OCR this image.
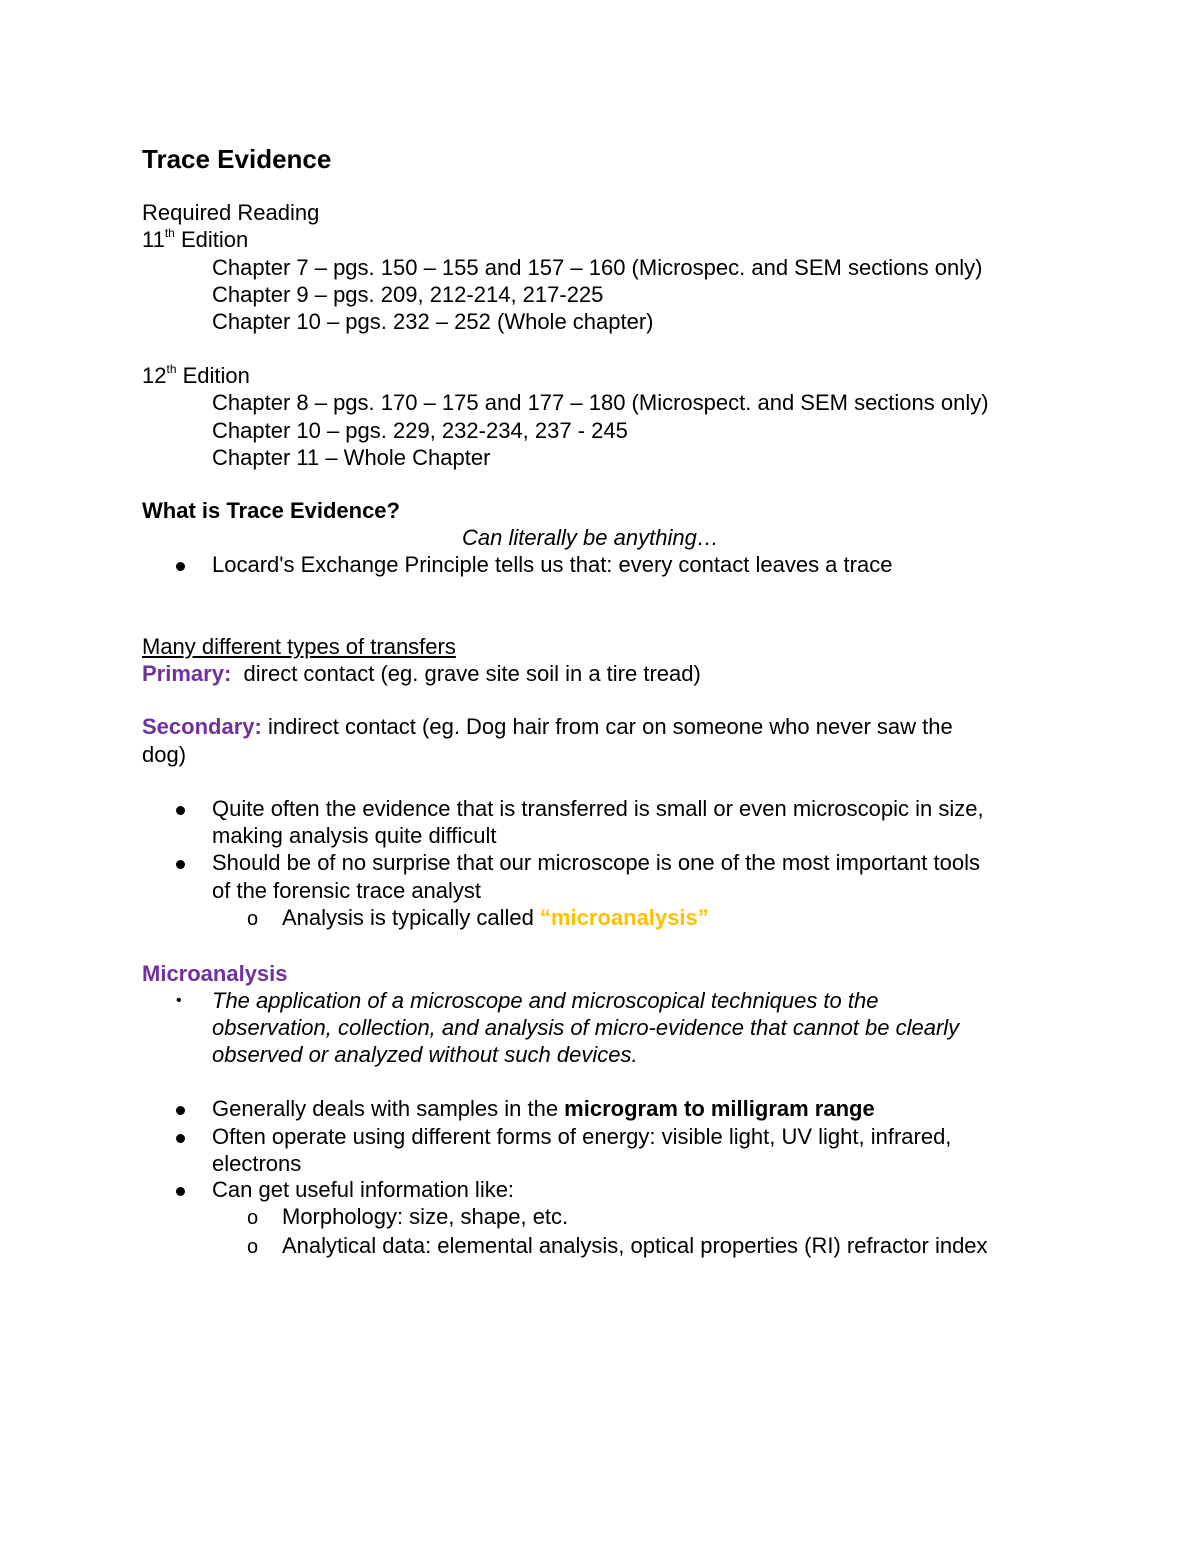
Trace Evidence
Required Reading
11th Edition
Chapter 7 – pgs. 150 – 155 and 157 – 160 (Microspec. and SEM sections only)
Chapter 9 – pgs. 209, 212-214, 217-225
Chapter 10 – pgs. 232 – 252 (Whole chapter)
12th Edition
Chapter 8 – pgs. 170 – 175 and 177 – 180 (Microspect. and SEM sections only)
Chapter 10 – pgs. 229, 232-234, 237 - 245
Chapter 11 – Whole Chapter
What is Trace Evidence?
Can literally be anything…
Locard's Exchange Principle tells us that: every contact leaves a trace
Many different types of transfers
Primary:  direct contact (eg. grave site soil in a tire tread)
Secondary: indirect contact (eg. Dog hair from car on someone who never saw the
dog)
Quite often the evidence that is transferred is small or even microscopic in size,
making analysis quite difficult
Should be of no surprise that our microscope is one of the most important tools
of the forensic trace analyst
o Analysis is typically called “microanalysis”
Microanalysis
• The application of a microscope and microscopical techniques to the
observation, collection, and analysis of micro-evidence that cannot be clearly
observed or analyzed without such devices.
Generally deals with samples in the microgram to milligram range
Often operate using different forms of energy: visible light, UV light, infrared,
electrons
Can get useful information like:
o Morphology: size, shape, etc.
o Analytical data: elemental analysis, optical properties (RI) refractor index
